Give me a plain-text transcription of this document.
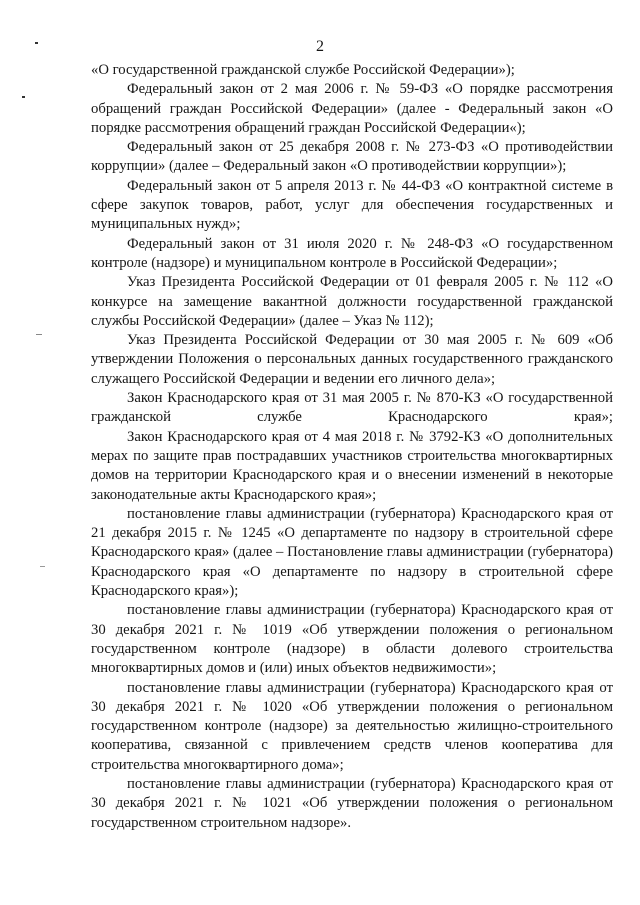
2

«О государственной гражданской службе Российской Федерации»);

Федеральный закон от 2 мая 2006 г. № 59-ФЗ «О порядке рассмотрения обращений граждан Российской Федерации» (далее - Федеральный закон «О порядке рассмотрения обращений граждан Российской Федерации«);

Федеральный закон от 25 декабря 2008 г. № 273-ФЗ «О противодействии коррупции» (далее – Федеральный закон «О противодействии коррупции»);

Федеральный закон от 5 апреля 2013 г. № 44-ФЗ «О контрактной системе в сфере закупок товаров, работ, услуг для обеспечения государственных и муниципальных нужд»;

Федеральный закон от 31 июля 2020 г. № 248-ФЗ «О государственном контроле (надзоре) и муниципальном контроле в Российской Федерации»;

Указ Президента Российской Федерации от 01 февраля 2005 г. № 112 «О конкурсе на замещение вакантной должности государственной гражданской службы Российской Федерации» (далее – Указ № 112);

Указ Президента Российской Федерации от 30 мая 2005 г. № 609 «Об утверждении Положения о персональных данных государственного гражданского служащего Российской Федерации и ведении его личного дела»;

Закон Краснодарского края от 31 мая 2005 г. № 870-КЗ «О государственной гражданской службе Краснодарского края»;

Закон Краснодарского края от 4 мая 2018 г. № 3792-КЗ «О дополнительных мерах по защите прав пострадавших участников строительства многоквартирных домов на территории Краснодарского края и о внесении изменений в некоторые законодательные акты Краснодарского края»;

постановление главы администрации (губернатора) Краснодарского края от 21 декабря 2015 г. № 1245 «О департаменте по надзору в строительной сфере Краснодарского края» (далее – Постановление главы администрации (губернатора) Краснодарского края «О департаменте по надзору в строительной сфере Краснодарского края»);

постановление главы администрации (губернатора) Краснодарского края от 30 декабря 2021 г. № 1019 «Об утверждении положения о региональном государственном контроле (надзоре) в области долевого строительства многоквартирных домов и (или) иных объектов недвижимости»;

постановление главы администрации (губернатора) Краснодарского края от 30 декабря 2021 г. № 1020 «Об утверждении положения о региональном государственном контроле (надзоре) за деятельностью жилищно-строительного кооператива, связанной с привлечением средств членов кооператива для строительства многоквартирного дома»;

постановление главы администрации (губернатора) Краснодарского края от 30 декабря 2021 г. № 1021 «Об утверждении положения о региональном государственном строительном надзоре».
